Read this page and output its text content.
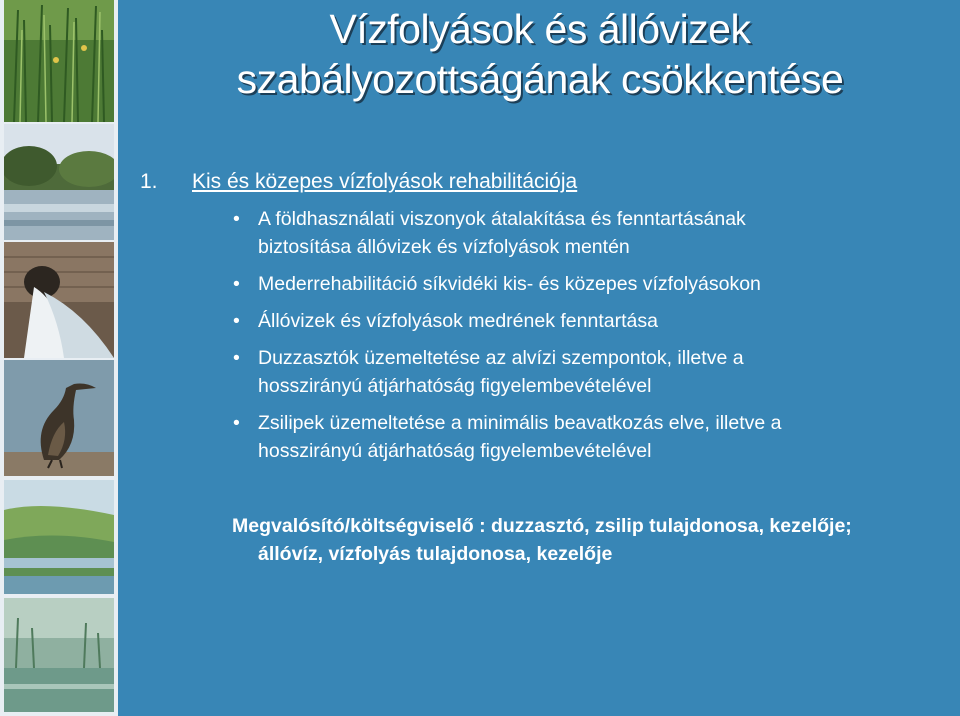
Vízfolyások és állóvizek
szabályozottságának csökkentése
1. Kis és közepes vízfolyások rehabilitációja
• A földhasználati viszonyok átalakítása és fenntartásának
biztosítása állóvizek és vízfolyások mentén
• Mederrehabilitáció síkvidéki kis- és közepes vízfolyásokon
• Állóvizek és vízfolyások medrének fenntartása
• Duzzasztók üzemeltetése az alvízi szempontok, illetve a
hosszirányú átjárhatóság figyelembevételével
• Zsilipek üzemeltetése a minimális beavatkozás elve, illetve a
hosszirányú átjárhatóság figyelembevételével
Megvalósító/költségviselő : duzzasztó, zsilip tulajdonosa, kezelője;
állóvíz, vízfolyás tulajdonosa, kezelője
